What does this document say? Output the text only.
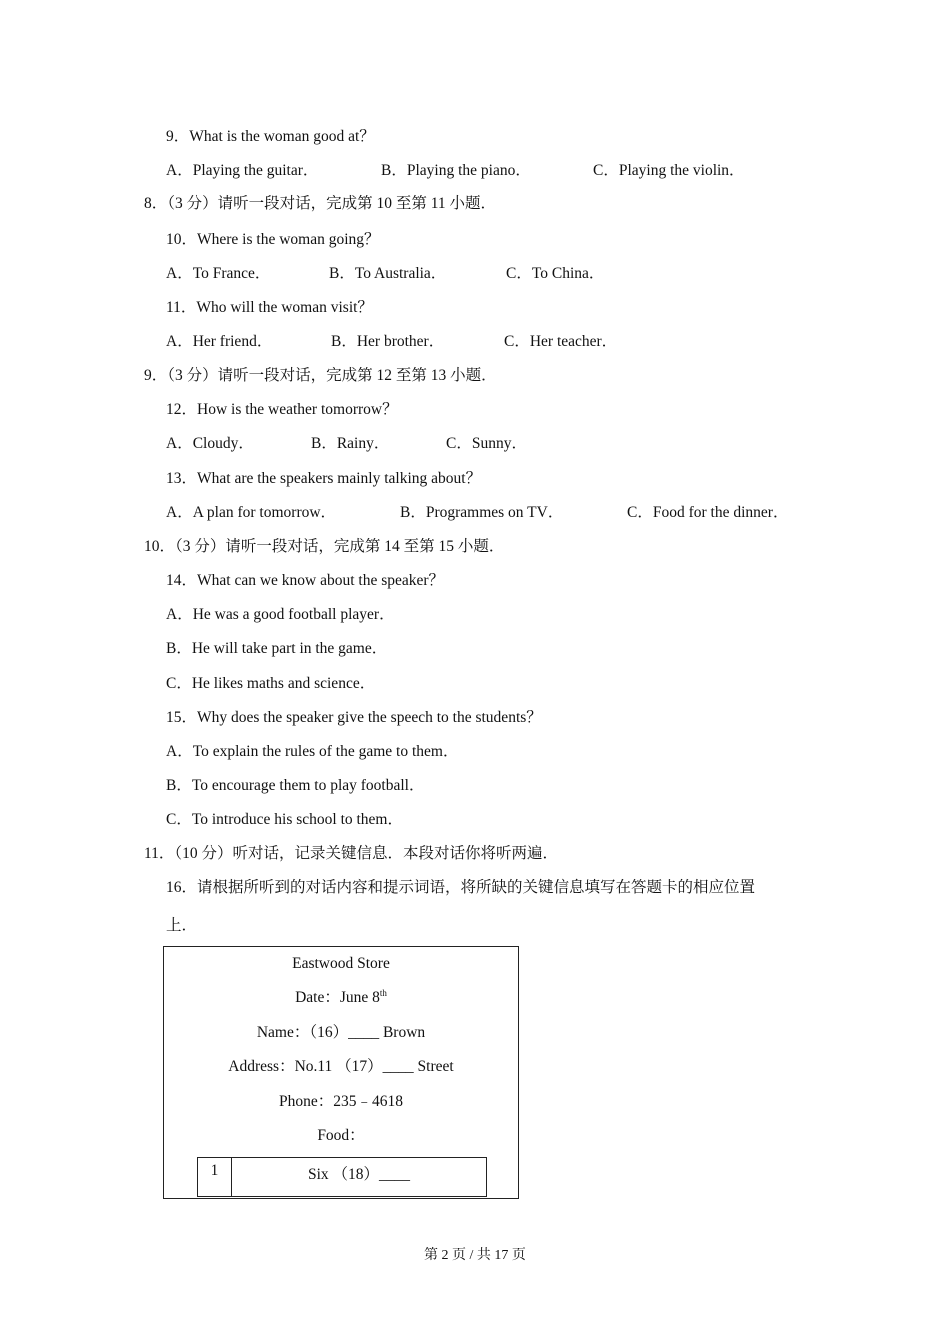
9．What is the woman good at？
A．Playing the guitar．	B．Playing the piano．	C．Playing the violin．
8．（3 分）请听一段对话，完成第 10 至第 11 小题．
10．Where is the woman going？
A．To France．	B．To Australia．	C．To China．
11．Who will the woman visit？
A．Her friend．	B．Her brother．	C．Her teacher．
9．（3 分）请听一段对话，完成第 12 至第 13 小题．
12．How is the weather tomorrow？
A．Cloudy．	B．Rainy．	C．Sunny．
13．What are the speakers mainly talking about？
A．A plan for tomorrow．	B．Programmes on TV．	C．Food for the dinner．
10．（3 分）请听一段对话，完成第 14 至第 15 小题．
14．What can we know about the speaker？
A．He was a good football player．
B．He will take part in the game．
C．He likes maths and science．
15．Why does the speaker give the speech to the students？
A．To explain the rules of the game to them．
B．To encourage them to play football．
C．To introduce his school to them．
11．（10 分）听对话，记录关键信息．本段对话你将听两遍．
16．请根据所听到的对话内容和提示词语，将所缺的关键信息填写在答题卡的相应位置
上．
Eastwood Store
Date：June 8th
Name：（16）____ Brown
Address：No.11 （17）____ Street
Phone：235﹣4618
Food：
1	Six （18）____
第 2 页 / 共 17 页
